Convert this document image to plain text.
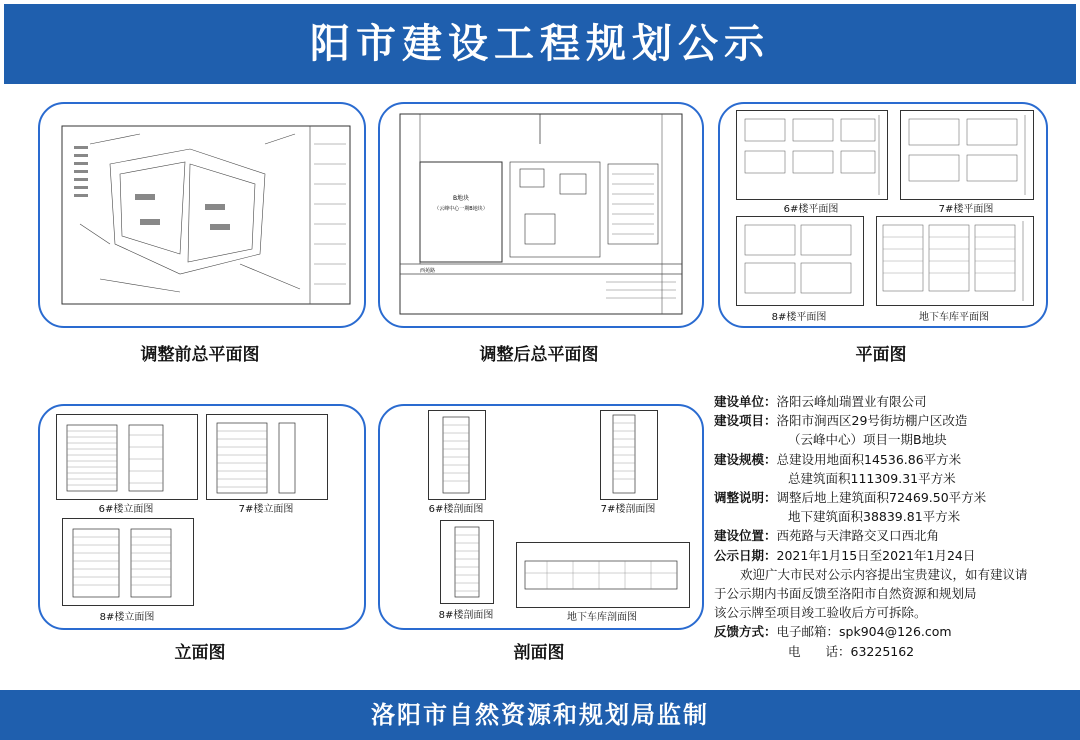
阳市建设工程规划公示
调整前总平面图
B地块
（云峰中心一期B地块）
西苑路
调整后总平面图
6#楼平面图	7#楼平面图
8#楼平面图	地下车库平面图
平面图
6#楼立面图	7#楼立面图
8#楼立面图
立面图
6#楼剖面图	7#楼剖面图
8#楼剖面图	地下车库剖面图
剖面图
建设单位：洛阳云峰灿瑞置业有限公司
建设项目：洛阳市涧西区29号街坊棚户区改造
（云峰中心）项目一期B地块
建设规模：总建设用地面积14536.86平方米
总建筑面积111309.31平方米
调整说明：调整后地上建筑面积72469.50平方米
地下建筑面积38839.81平方米
建设位置：西苑路与天津路交叉口西北角
公示日期：2021年1月15日至2021年1月24日
欢迎广大市民对公示内容提出宝贵建议，如有建议请
于公示期内书面反馈至洛阳市自然资源和规划局
该公示牌至项目竣工验收后方可拆除。
反馈方式：电子邮箱：spk904@126.com
电　　话：63225162
洛阳市自然资源和规划局监制
